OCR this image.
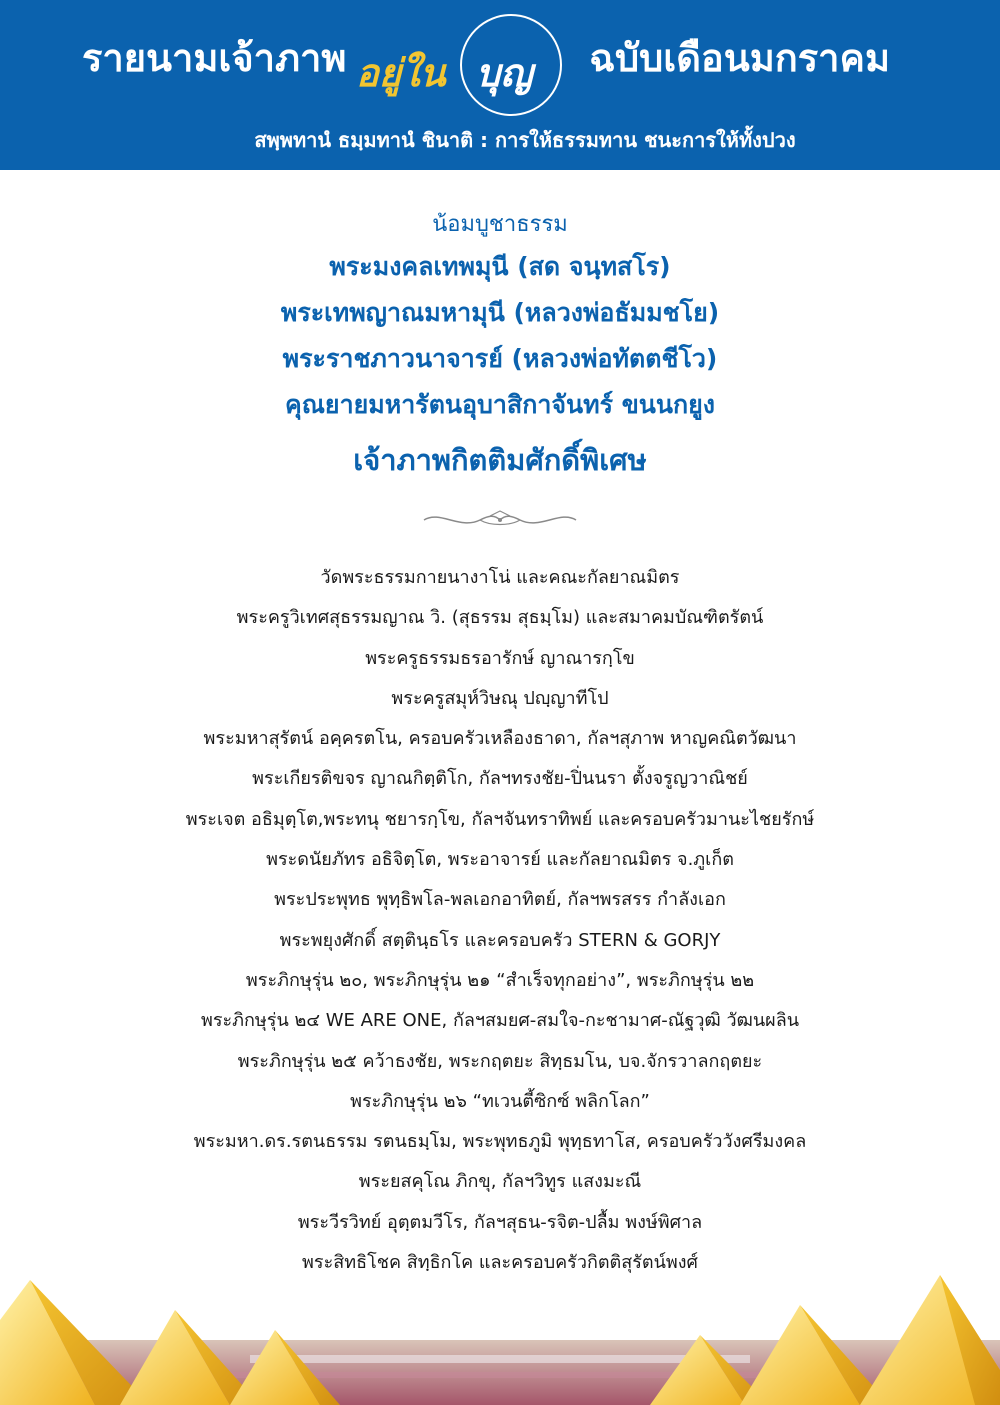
รายนามเจ้าภาพ อยู่ใน บุญ ฉบับเดือนมกราคม
สพฺพทานํ ธมฺมทานํ ชินาติ : การให้ธรรมทาน ชนะการให้ทั้งปวง
น้อมบูชาธรรม
พระมงคลเทพมุนี (สด จนฺทสโร)
พระเทพญาณมหามุนี (หลวงพ่อธัมมชโย)
พระราชภาวนาจารย์ (หลวงพ่อทัตตชีโว)
คุณยายมหารัตนอุบาสิกาจันทร์ ขนนกยูง
เจ้าภาพกิตติมศักดิ์พิเศษ
วัดพระธรรมกายนางาโน่ และคณะกัลยาณมิตร
พระครูวิเทศสุธรรมญาณ วิ. (สุธรรม สุธมฺโม) และสมาคมบัณฑิตรัตน์
พระครูธรรมธรอารักษ์ ญาณารกฺโข
พระครูสมุห์วิษณุ ปญฺญาทีโป
พระมหาสุรัตน์ อคฺครตโน, ครอบครัวเหลืองธาดา, กัลฯสุภาพ หาญคณิตวัฒนา
พระเกียรติขจร ญาณกิตฺติโก, กัลฯทรงชัย-ปิ่นนรา ตั้งจรูญวาณิชย์
พระเจต อธิมุตฺโต,พระทนุ ชยารกฺโข, กัลฯจันทราทิพย์ และครอบครัวมานะไชยรักษ์
พระดนัยภัทร อธิจิตฺโต, พระอาจารย์ และกัลยาณมิตร จ.ภูเก็ต
พระประพุทธ พุทฺธิพโล-พลเอกอาทิตย์, กัลฯพรสรร กำลังเอก
พระพยุงศักดิ์ สตฺตินฺธโร และครอบครัว STERN & GORJY
พระภิกษุรุ่น ๒๐, พระภิกษุรุ่น ๒๑ “สำเร็จทุกอย่าง”, พระภิกษุรุ่น ๒๒
พระภิกษุรุ่น ๒๔ WE ARE ONE, กัลฯสมยศ-สมใจ-กะชามาศ-ณัฐวุฒิ วัฒนผลิน
พระภิกษุรุ่น ๒๕ คว้าธงชัย, พระกฤตยะ สิทฺธมโน, บจ.จักรวาลกฤตยะ
พระภิกษุรุ่น ๒๖ “ทเวนตี้ซิกซ์ พลิกโลก”
พระมหา.ดร.รตนธรรม รตนธมฺโม, พระพุทธภูมิ พุทฺธทาโส, ครอบครัววังศรีมงคล
พระยสคุโณ ภิกขุ, กัลฯวิทูร แสงมะณี
พระวีรวิทย์ อุตฺตมวีโร, กัลฯสุธน-รจิต-ปลื้ม พงษ์พิศาล
พระสิทธิโชค สิทฺธิกโค และครอบครัวกิตติสุรัตน์พงศ์
